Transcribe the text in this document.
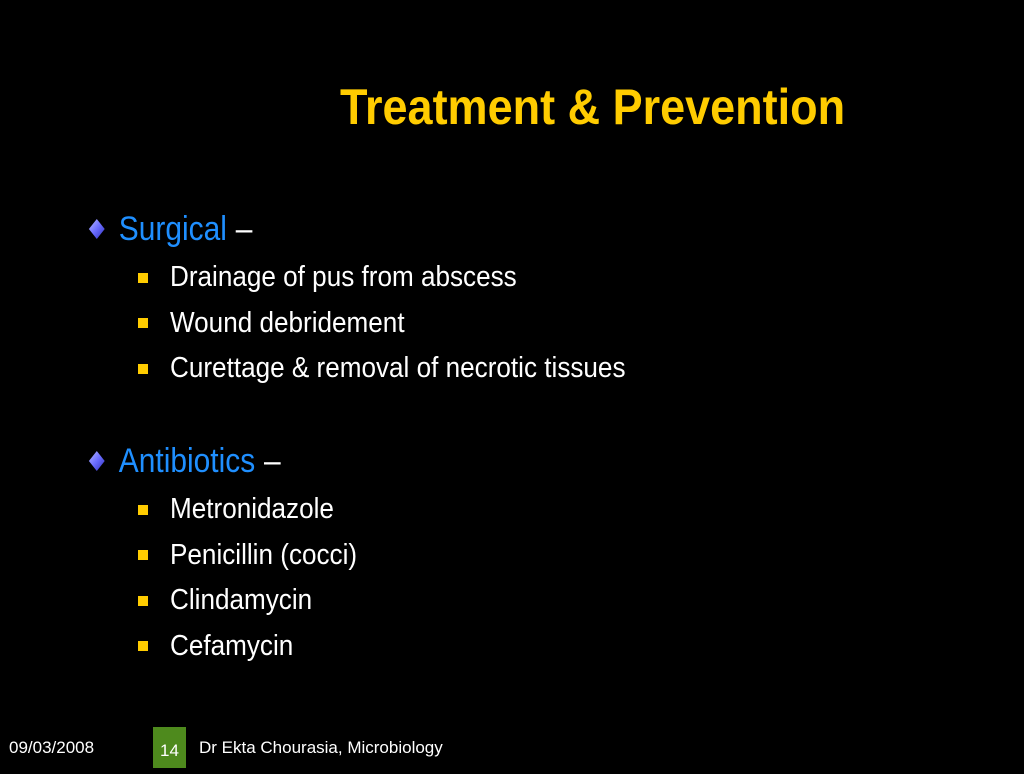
Treatment & Prevention
Surgical –
Drainage of pus from abscess
Wound debridement
Curettage & removal of necrotic tissues
Antibiotics –
Metronidazole
Penicillin (cocci)
Clindamycin
Cefamycin
09/03/2008	14	Dr Ekta Chourasia, Microbiology
